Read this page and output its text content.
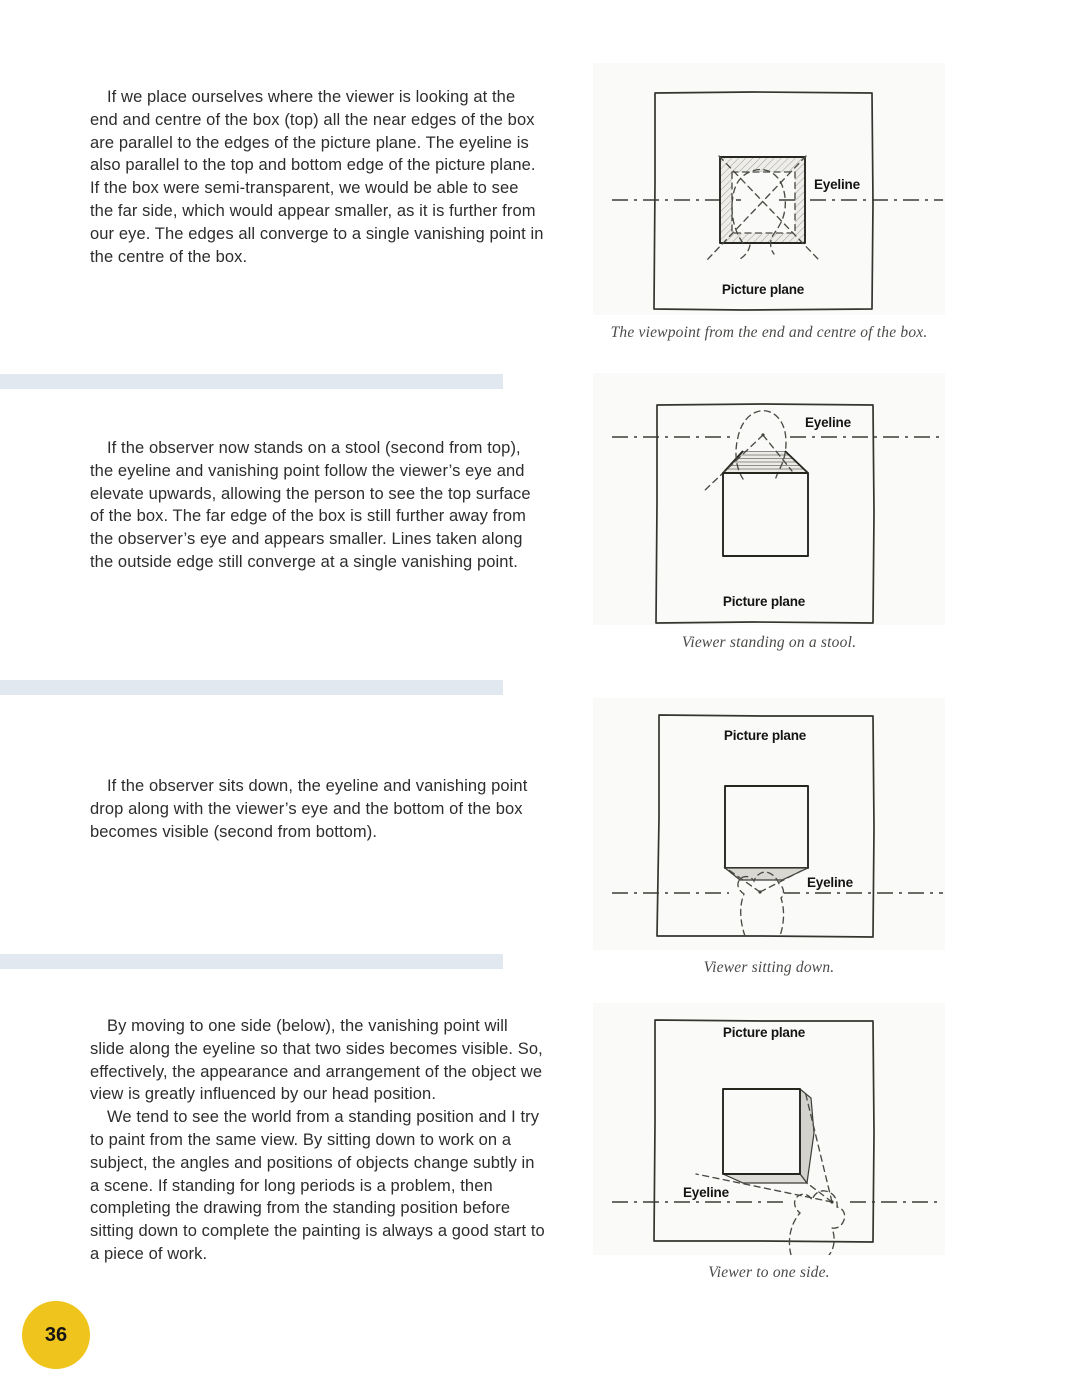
If we place ourselves where the viewer is looking at the end and centre of the box (top) all the near edges of the box are parallel to the edges of the picture plane. The eyeline is also parallel to the top and bottom edge of the picture plane. If the box were semi-transparent, we would be able to see the far side, which would appear smaller, as it is further from our eye. The edges all converge to a single vanishing point in the centre of the box.

If the observer now stands on a stool (second from top), the eyeline and vanishing point follow the viewer’s eye and elevate upwards, allowing the person to see the top surface of the box. The far edge of the box is still further away from the observer’s eye and appears smaller. Lines taken along the outside edge still converge at a single vanishing point.

If the observer sits down, the eyeline and vanishing point drop along with the viewer’s eye and the bottom of the box becomes visible (second from bottom).

By moving to one side (below), the vanishing point will slide along the eyeline so that two sides becomes visible. So, effectively, the appearance and arrangement of the object we view is greatly influenced by our head position.

We tend to see the world from a standing position and I try to paint from the same view. By sitting down to work on a subject, the angles and positions of objects change subtly in a scene. If standing for long periods is a problem, then completing the drawing from the standing position before sitting down to complete the painting is always a good start to a piece of work.

Eyeline
Picture plane
The viewpoint from the end and centre of the box.
Eyeline
Picture plane
Viewer standing on a stool.
Picture plane
Eyeline
Viewer sitting down.
Picture plane
Eyeline
Viewer to one side.
36
